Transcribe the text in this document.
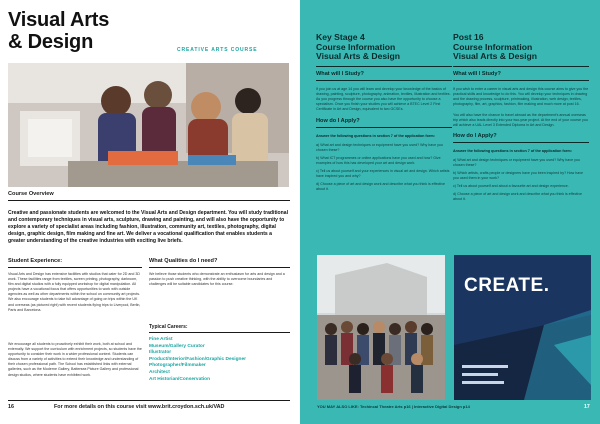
Visual Arts
& Design	CREATIVE ARTS COURSE
Course Overview
Creative and passionate students are welcomed to the Visual Arts and Design department. You will study traditional and contemporary techniques in visual arts, sculpture, drawing and painting, and will also have the opportunity to explore a variety of specialist areas including fashion, illustration, community art, textiles, photography, digital design, graphic design, film making and fine art. We deliver a vocational qualification that enables students a greater understanding of the creative industries with exciting live briefs.
Student Experience:
Visual Arts and Design has extensive facilities with studios that cater for 2D and 3D work. These facilities range from textiles, screen printing, photography, darkroom, film and digital studios with a fully equipped workshop for digital manipulation. All projects have a vocational focus that offers opportunities to work with outside agencies as well as other departments within the school on community art projects. We also encourage students to take full advantage of going on trips within the UK and overseas (as pictured right) with recent students flying trips to Liverpool, Berlin, Paris and Barcelona.
We encourage all students to proactively exhibit their work, both at school and externally. We support the curriculum with enrichment projects, so students have the opportunity to consider their work in a wider professional context. Students can discuss from a variety of activities to extend their knowledge and understanding of their chosen professional path. The School has established links with external galleries, such as the Moderne Gallery, Battersea Picture Gallery and professional design studios, where students have exhibited work.
What Qualities do I need?
We believe those students who demonstrate an enthusiasm for arts and design and a passion to push creative thinking, with the ability to overcome boundaries and challenges will be suitable candidates for this course.
Typical Careers:
Fine Artist
Museum/Gallery Curator
Illustrator
Product/Interior/Fashion/Graphic Designer
Photographer/Filmmaker
Architect
Art Historian/Conservation
16	For more details on this course visit www.brit.croydon.sch.uk/VAD
Key Stage 4
Course Information
Visual Arts & Design
What will I Study?
If you join us at age 14 you will learn and develop your knowledge of the basics of drawing, painting, sculpture, photography, animation, textiles, illustration and textiles. As you progress through the course you also have the opportunity to choose a specialism. Once you finish your studies you will achieve a BTEC Level 2 First Certificate in Art and Design, equivalent to two GCSEs.
How do I Apply?
Answer the following questions in section 7 of the application form:
a) What art and design techniques or equipment have you used? Why have you chosen these?
b) What ICT programmes or online applications have you used and how? Give examples of how this has developed your art and design work.
c) Tell us about yourself and your experiences in visual art and design. Which artists have inspired you and why?
d) Choose a piece of art and design work and describe what you think is effective about it.
Post 16
Course Information
Visual Arts & Design
What will I Study?
If you wish to enter a career in visual arts and design this course aims to give you the practical skills and knowledge to do this. You will develop your techniques in drawing and the drawing process, sculpture, printmaking, illustration, web design, textiles, photography, film, art, graphics, fashion, film making and much more at post 16.
You will also have the chance to travel abroad as the department's annual overseas trip which also leads directly into your two-year project. At the end of your course you will achieve a UAL Level 3 Extended Diploma in Art and Design.
How do I Apply?
Answer the following questions in section 7 of the application form:
a) What art and design techniques or equipment have you used? Why have you chosen these?
b) Which artists, crafts people or designers have you been inspired by? How have you used them in your work?
c) Tell us about yourself and about a favourite art and design experience.
d) Choose a piece of art and design work and describe what you think is effective about it.
CREATE.
YOU MAY ALSO LIKE: Techincal Theatre Arts p16 | Interactive Digital Design p14	17
